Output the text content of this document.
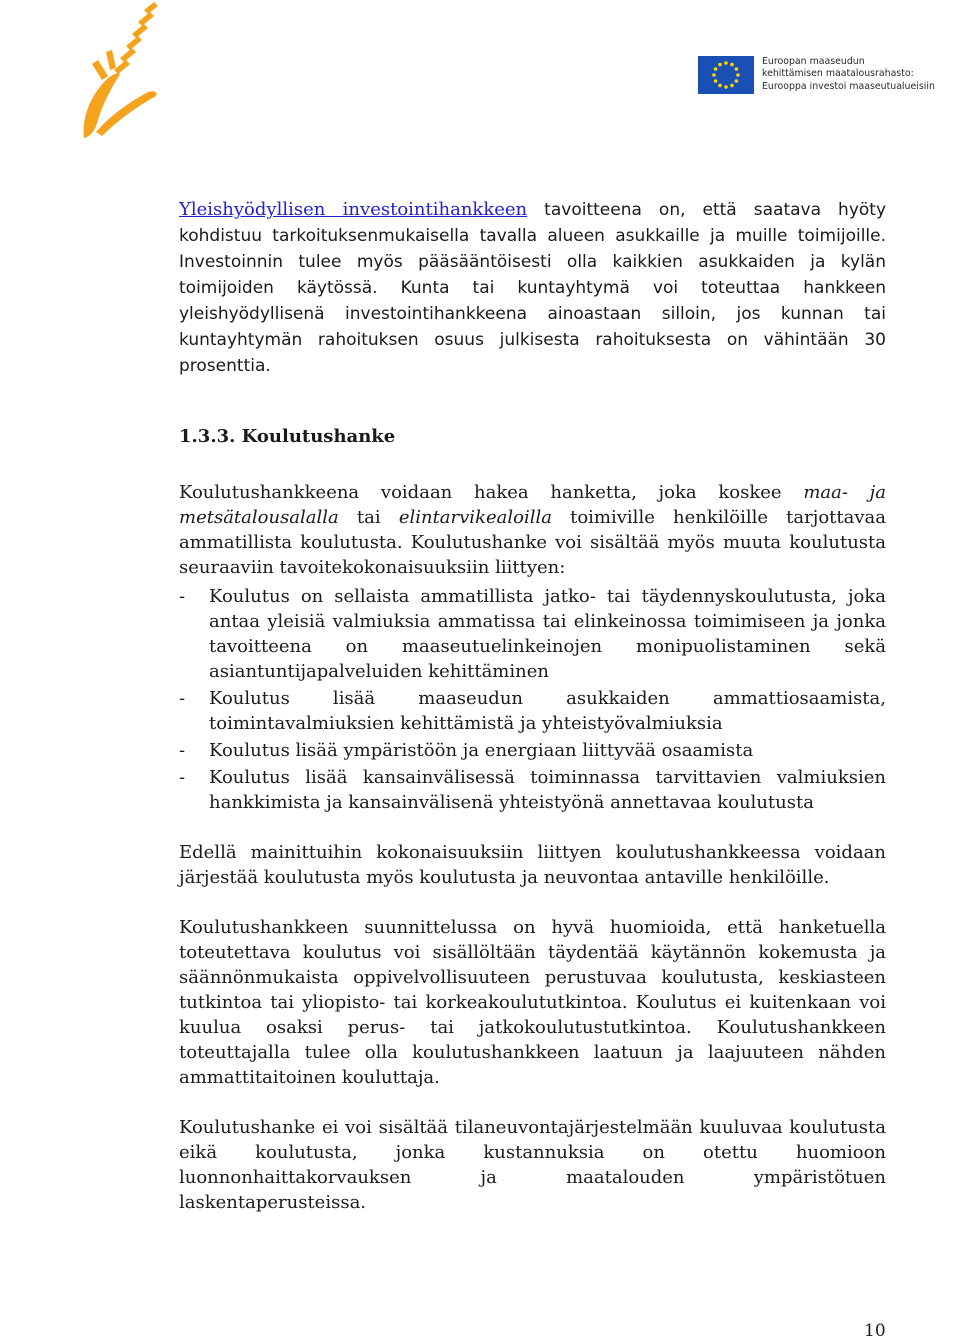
Euroopan maaseudun
kehittämisen maatalousrahasto:
Eurooppa investoi maaseutualueisiin

Yleishyödyllisen investointihankkeen tavoitteena on, että saatava hyöty kohdistuu tarkoituksenmukaisella tavalla alueen asukkaille ja muille toimijoille. Investoinnin tulee myös pääsääntöisesti olla kaikkien asukkaiden ja kylän toimijoiden käytössä. Kunta tai kuntayhtymä voi toteuttaa hankkeen yleishyödyllisenä investointihankkeena ainoastaan silloin, jos kunnan tai kuntayhtymän rahoituksen osuus julkisesta rahoituksesta on vähintään 30 prosenttia.

1.3.3. Koulutushanke

Koulutushankkeena voidaan hakea hanketta, joka koskee maa- ja metsätalousalalla tai elintarvikealoilla toimiville henkilöille tarjottavaa ammatillista koulutusta. Koulutushanke voi sisältää myös muuta koulutusta seuraaviin tavoitekokonaisuuksiin liittyen:

- Koulutus on sellaista ammatillista jatko- tai täydennyskoulutusta, joka antaa yleisiä valmiuksia ammatissa tai elinkeinossa toimimiseen ja jonka tavoitteena on maaseutuelinkeinojen monipuolistaminen sekä asiantuntijapalveluiden kehittäminen
- Koulutus lisää maaseudun asukkaiden ammattiosaamista, toimintavalmiuksien kehittämistä ja yhteistyövalmiuksia
- Koulutus lisää ympäristöön ja energiaan liittyvää osaamista
- Koulutus lisää kansainvälisessä toiminnassa tarvittavien valmiuksien hankkimista ja kansainvälisenä yhteistyönä annettavaa koulutusta

Edellä mainittuihin kokonaisuuksiin liittyen koulutushankkeessa voidaan järjestää koulutusta myös koulutusta ja neuvontaa antaville henkilöille.

Koulutushankkeen suunnittelussa on hyvä huomioida, että hanketuella toteutettava koulutus voi sisällöltään täydentää käytännön kokemusta ja säännönmukaista oppivelvollisuuteen perustuvaa koulutusta, keskiasteen tutkintoa tai yliopisto- tai korkeakoulututkintoa. Koulutus ei kuitenkaan voi kuulua osaksi perus- tai jatkokoulutustutkintoa. Koulutushankkeen toteuttajalla tulee olla koulutushankkeen laatuun ja laajuuteen nähden ammattitaitoinen kouluttaja.

Koulutushanke ei voi sisältää tilaneuvontajärjestelmään kuuluvaa koulutusta eikä koulutusta, jonka kustannuksia on otettu huomioon luonnonhaittakorvauksen ja maatalouden ympäristötuen laskentaperusteissa.

10
